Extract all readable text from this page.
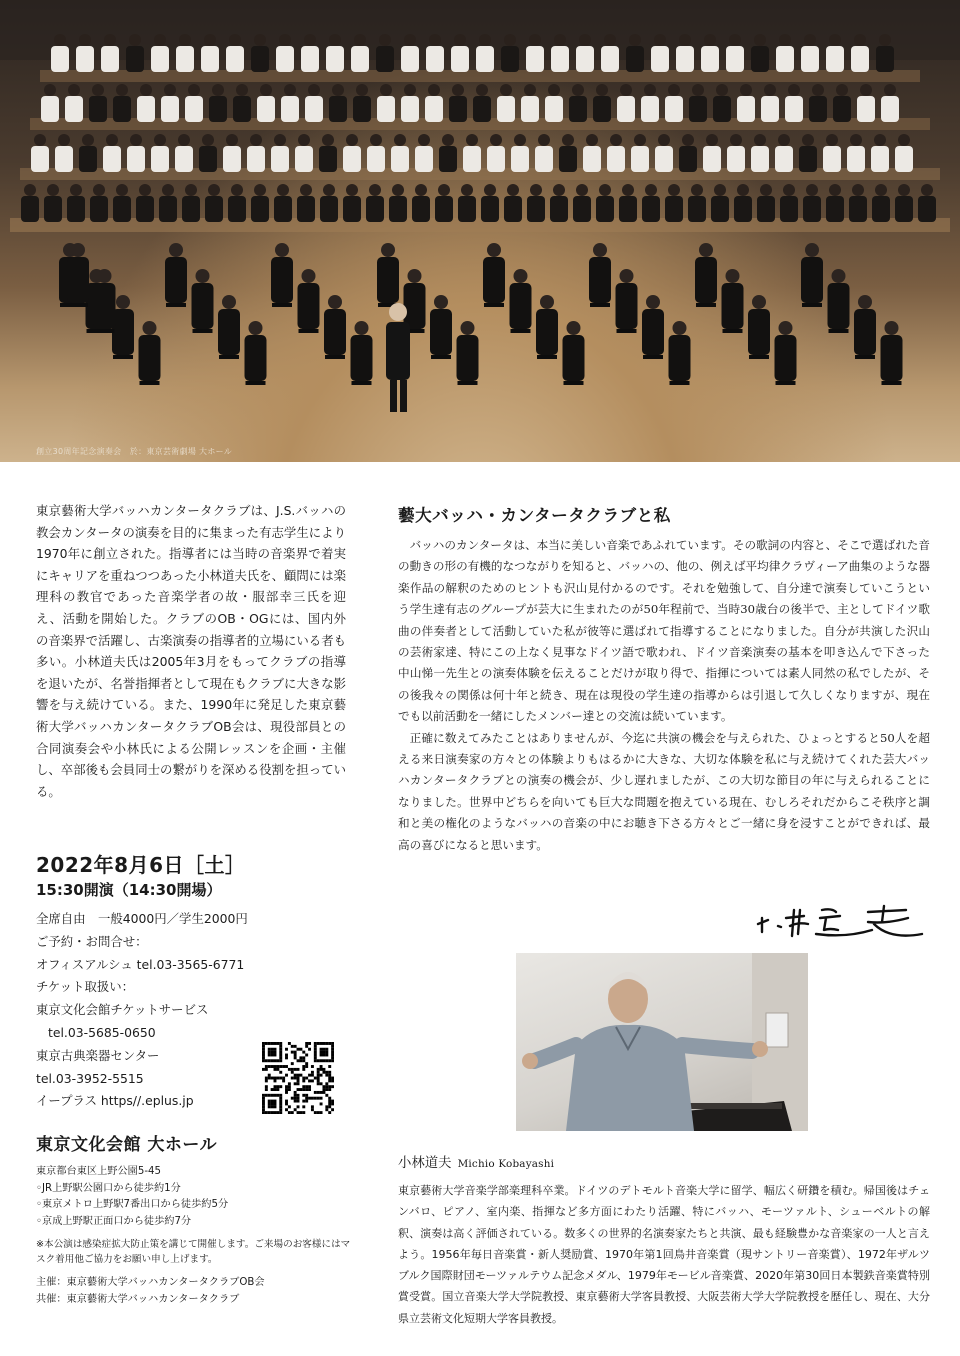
創立30周年記念演奏会　於：東京芸術劇場 大ホール
東京藝術大学バッハカンタータクラブは、J.S.バッハの教会カンタータの演奏を目的に集まった有志学生により1970年に創立された。指導者には当時の音楽界で着実にキャリアを重ねつつあった小林道夫氏を、顧問には楽理科の教官であった音楽学者の故・服部幸三氏を迎え、活動を開始した。クラブのOB・OGには、国内外の音楽界で活躍し、古楽演奏の指導者的立場にいる者も多い。小林道夫氏は2005年3月をもってクラブの指導を退いたが、名誉指揮者として現在もクラブに大きな影響を与え続けている。また、1990年に発足した東京藝術大学バッハカンタータクラブOB会は、現役部員との合同演奏会や小林氏による公開レッスンを企画・主催し、卒部後も会員同士の繋がりを深める役割を担っている。
2022年8月6日［土］
15:30開演（14:30開場）
全席自由　一般4000円／学生2000円
ご予約・お問合せ：
オフィスアルシュ tel.03-3565-6771
チケット取扱い：
東京文化会館チケットサービス
tel.03-5685-0650
東京古典楽器センター
tel.03-3952-5515
イープラス https//.eplus.jp
東京文化会館 大ホール
東京都台東区上野公園5-45
◦JR上野駅公園口から徒歩約1分
◦東京メトロ上野駅7番出口から徒歩約5分
◦京成上野駅正面口から徒歩約7分
※本公演は感染症拡大防止策を講じて開催します。ご来場のお客様にはマスク着用他ご協力をお願い申し上げます。
主催：東京藝術大学バッハカンタータクラブOB会
共催：東京藝術大学バッハカンタータクラブ
藝大バッハ・カンタータクラブと私

バッハのカンタータは、本当に美しい音楽であふれています。その歌詞の内容と、そこで選ばれた音の動きの形の有機的なつながりを知ると、バッハの、他の、例えば平均律クラヴィーア曲集のような器楽作品の解釈のためのヒントも沢山見付かるのです。それを勉強して、自分達で演奏していこうという学生達有志のグループが芸大に生まれたのが50年程前で、当時30歳台の後半で、主としてドイツ歌曲の伴奏者として活動していた私が彼等に選ばれて指導することになりました。自分が共演した沢山の芸術家達、特にこの上なく見事なドイツ語で歌われ、ドイツ音楽演奏の基本を叩き込んで下さった中山悌一先生との演奏体験を伝えることだけが取り得で、指揮については素人同然の私でしたが、その後我々の関係は何十年と続き、現在は現役の学生達の指導からは引退して久しくなりますが、現在でも以前活動を一緒にしたメンバー達との交流は続いています。

正確に数えてみたことはありませんが、今迄に共演の機会を与えられた、ひょっとすると50人を超える来日演奏家の方々との体験よりもはるかに大きな、大切な体験を私に与え続けてくれた芸大バッハカンタータクラブとの演奏の機会が、少し遅れましたが、この大切な節目の年に与えられることになりました。世界中どちらを向いても巨大な問題を抱えている現在、むしろそれだからこそ秩序と調和と美の権化のようなバッハの音楽の中にお聴き下さる方々とご一緒に身を浸すことができれば、最高の喜びになると思います。

小林道夫 Michio Kobayashi
東京藝術大学音楽学部楽理科卒業。ドイツのデトモルト音楽大学に留学、幅広く研鑽を積む。帰国後はチェンバロ、ピアノ、室内楽、指揮など多方面にわたり活躍、特にバッハ、モーツァルト、シューベルトの解釈、演奏は高く評価されている。数多くの世界的名演奏家たちと共演、最も経験豊かな音楽家の一人と言えよう。1956年毎日音楽賞・新人奨励賞、1970年第1回鳥井音楽賞（現サントリー音楽賞）、1972年ザルツブルク国際財団モーツァルテウム記念メダル、1979年モービル音楽賞、2020年第30回日本製鉄音楽賞特別賞受賞。国立音楽大学大学院教授、東京藝術大学客員教授、大阪芸術大学大学院教授を歴任し、現在、大分県立芸術文化短期大学客員教授。
